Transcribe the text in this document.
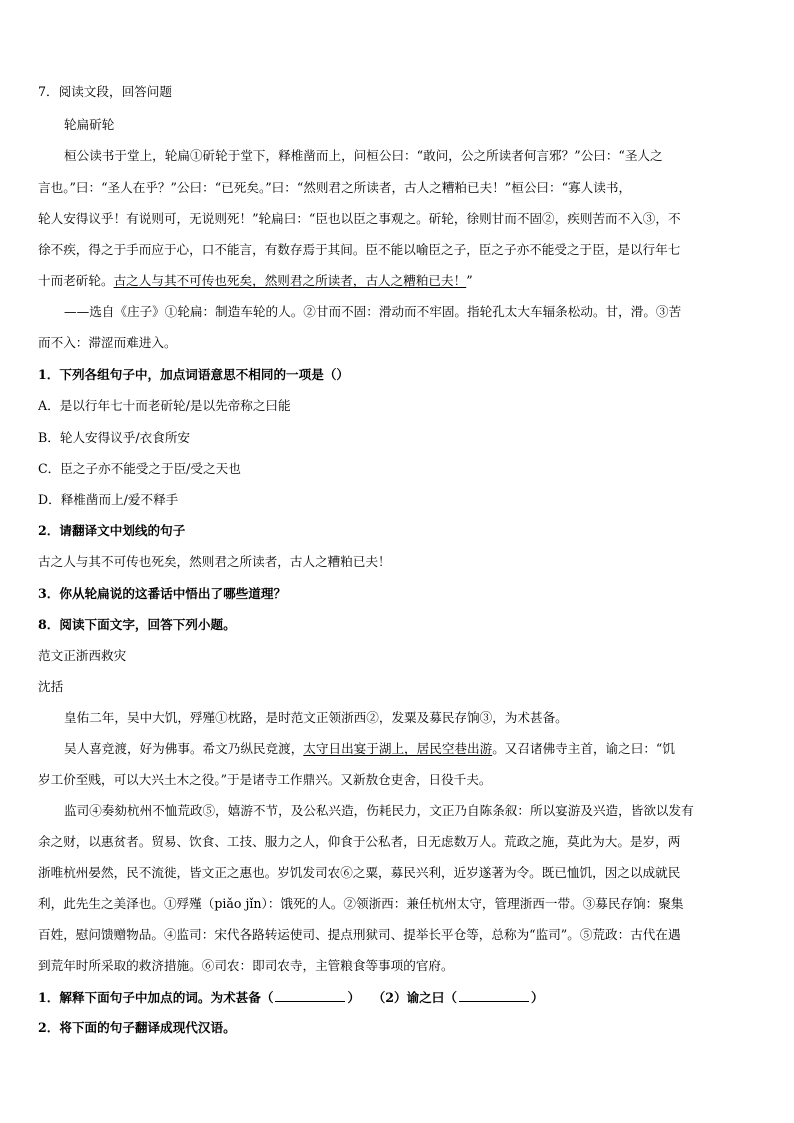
7．阅读文段，回答问题
轮扁斫轮
桓公读书于堂上，轮扁①斫轮于堂下，释椎凿而上，问桓公曰：“敢问，公之所读者何言邪？”公曰：“圣人之
言也。”曰：“圣人在乎？”公曰：“已死矣。”曰：“然则君之所读者，古人之糟粕已夫！”桓公曰：“寡人读书，
轮人安得议乎！有说则可，无说则死！”轮扁曰：“臣也以臣之事观之。斫轮，徐则甘而不固②，疾则苦而不入③，不
徐不疾，得之于手而应于心，口不能言，有数存焉于其间。臣不能以喻臣之子，臣之子亦不能受之于臣，是以行年七
十而老斫轮。古之人与其不可传也死矣，然则君之所读者，古人之糟粕已夫！”
——选自《庄子》①轮扁：制造车轮的人。②甘而不固：滑动而不牢固。指轮孔太大车辐条松动。甘，滑。③苦
而不入：滞涩而难进入。
1．下列各组句子中，加点词语意思不相同的一项是（）
A．是以行年七十而老斫轮/是以先帝称之曰能
B．轮人安得议乎/衣食所安
C．臣之子亦不能受之于臣/受之天也
D．释椎凿而上/爱不释手
2．请翻译文中划线的句子
古之人与其不可传也死矣，然则君之所读者，古人之糟粕已夫！
3．你从轮扁说的这番话中悟出了哪些道理？
8．阅读下面文字，回答下列小题。
范文正浙西救灾
沈括
皇佑二年，吴中大饥，殍殣①枕路，是时范文正领浙西②，发粟及募民存饷③，为术甚备。
吴人喜竞渡，好为佛事。希文乃纵民竞渡，太守日出宴于湖上，居民空巷出游。又召诸佛寺主首，谕之曰：“饥
岁工价至贱，可以大兴土木之役。”于是诸寺工作鼎兴。又新敖仓吏舍，日役千夫。
监司④奏劾杭州不恤荒政⑤，嬉游不节，及公私兴造，伤耗民力，文正乃自陈条叙：所以宴游及兴造，皆欲以发有
余之财，以惠贫者。贸易、饮食、工技、服力之人，仰食于公私者，日无虑数万人。荒政之施，莫此为大。是岁，两
浙唯杭州晏然，民不流徙，皆文正之惠也。岁饥发司农⑥之粟，募民兴利，近岁遂著为令。既已恤饥，因之以成就民
利，此先生之美泽也。①殍殣（piǎo jǐn）：饿死的人。②领浙西：兼任杭州太守，管理浙西一带。③募民存饷：聚集
百姓，慰问馈赠物品。④监司：宋代各路转运使司、提点刑狱司、提举长平仓等，总称为“监司”。⑤荒政：古代在遇
到荒年时所采取的救济措施。⑥司农：即司农寺，主管粮食等事项的官府。
1．解释下面句子中加点的词。为术甚备（	）　　（2）谕之曰（	）
2．将下面的句子翻译成现代汉语。
